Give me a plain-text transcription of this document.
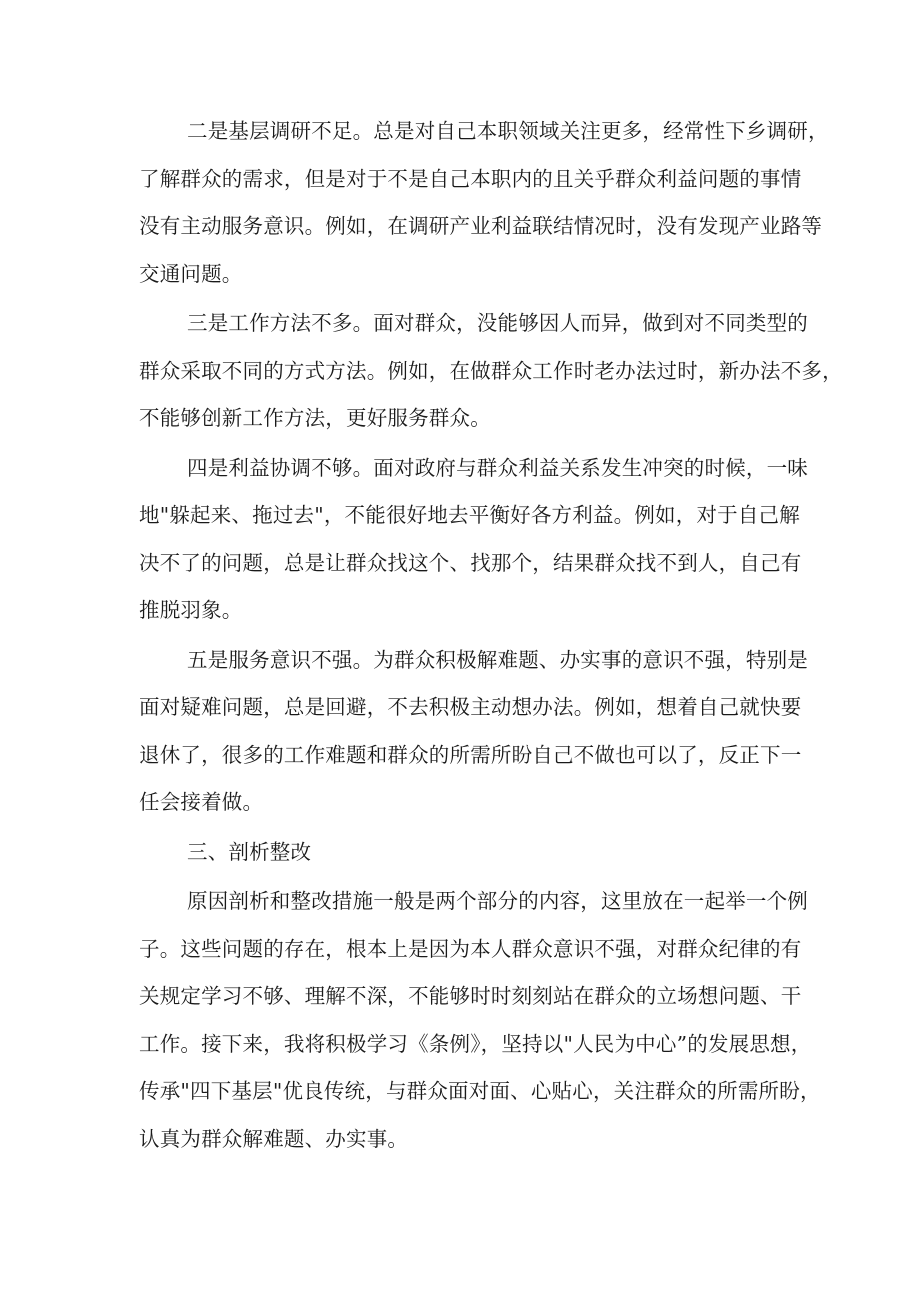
二是基层调研不足。总是对自己本职领域关注更多，经常性下乡调研，
了解群众的需求，但是对于不是自己本职内的且关乎群众利益问题的事情
没有主动服务意识。例如，在调研产业利益联结情况时，没有发现产业路等
交通问题。
三是工作方法不多。面对群众，没能够因人而异，做到对不同类型的
群众采取不同的方式方法。例如，在做群众工作时老办法过时，新办法不多，
不能够创新工作方法，更好服务群众。
四是利益协调不够。面对政府与群众利益关系发生冲突的时候，一味
地"躲起来、拖过去"，不能很好地去平衡好各方利益。例如，对于自己解
决不了的问题，总是让群众找这个、找那个，结果群众找不到人，自己有
推脱羽象。
五是服务意识不强。为群众积极解难题、办实事的意识不强，特别是
面对疑难问题，总是回避，不去积极主动想办法。例如，想着自己就快要
退休了，很多的工作难题和群众的所需所盼自己不做也可以了，反正下一
任会接着做。
三、剖析整改
原因剖析和整改措施一般是两个部分的内容，这里放在一起举一个例
子。这些问题的存在，根本上是因为本人群众意识不强，对群众纪律的有
关规定学习不够、理解不深，不能够时时刻刻站在群众的立场想问题、干
工作。接下来，我将积极学习《条例》，坚持以"人民为中心”的发展思想，
传承"四下基层"优良传统，与群众面对面、心贴心，关注群众的所需所盼，
认真为群众解难题、办实事。
